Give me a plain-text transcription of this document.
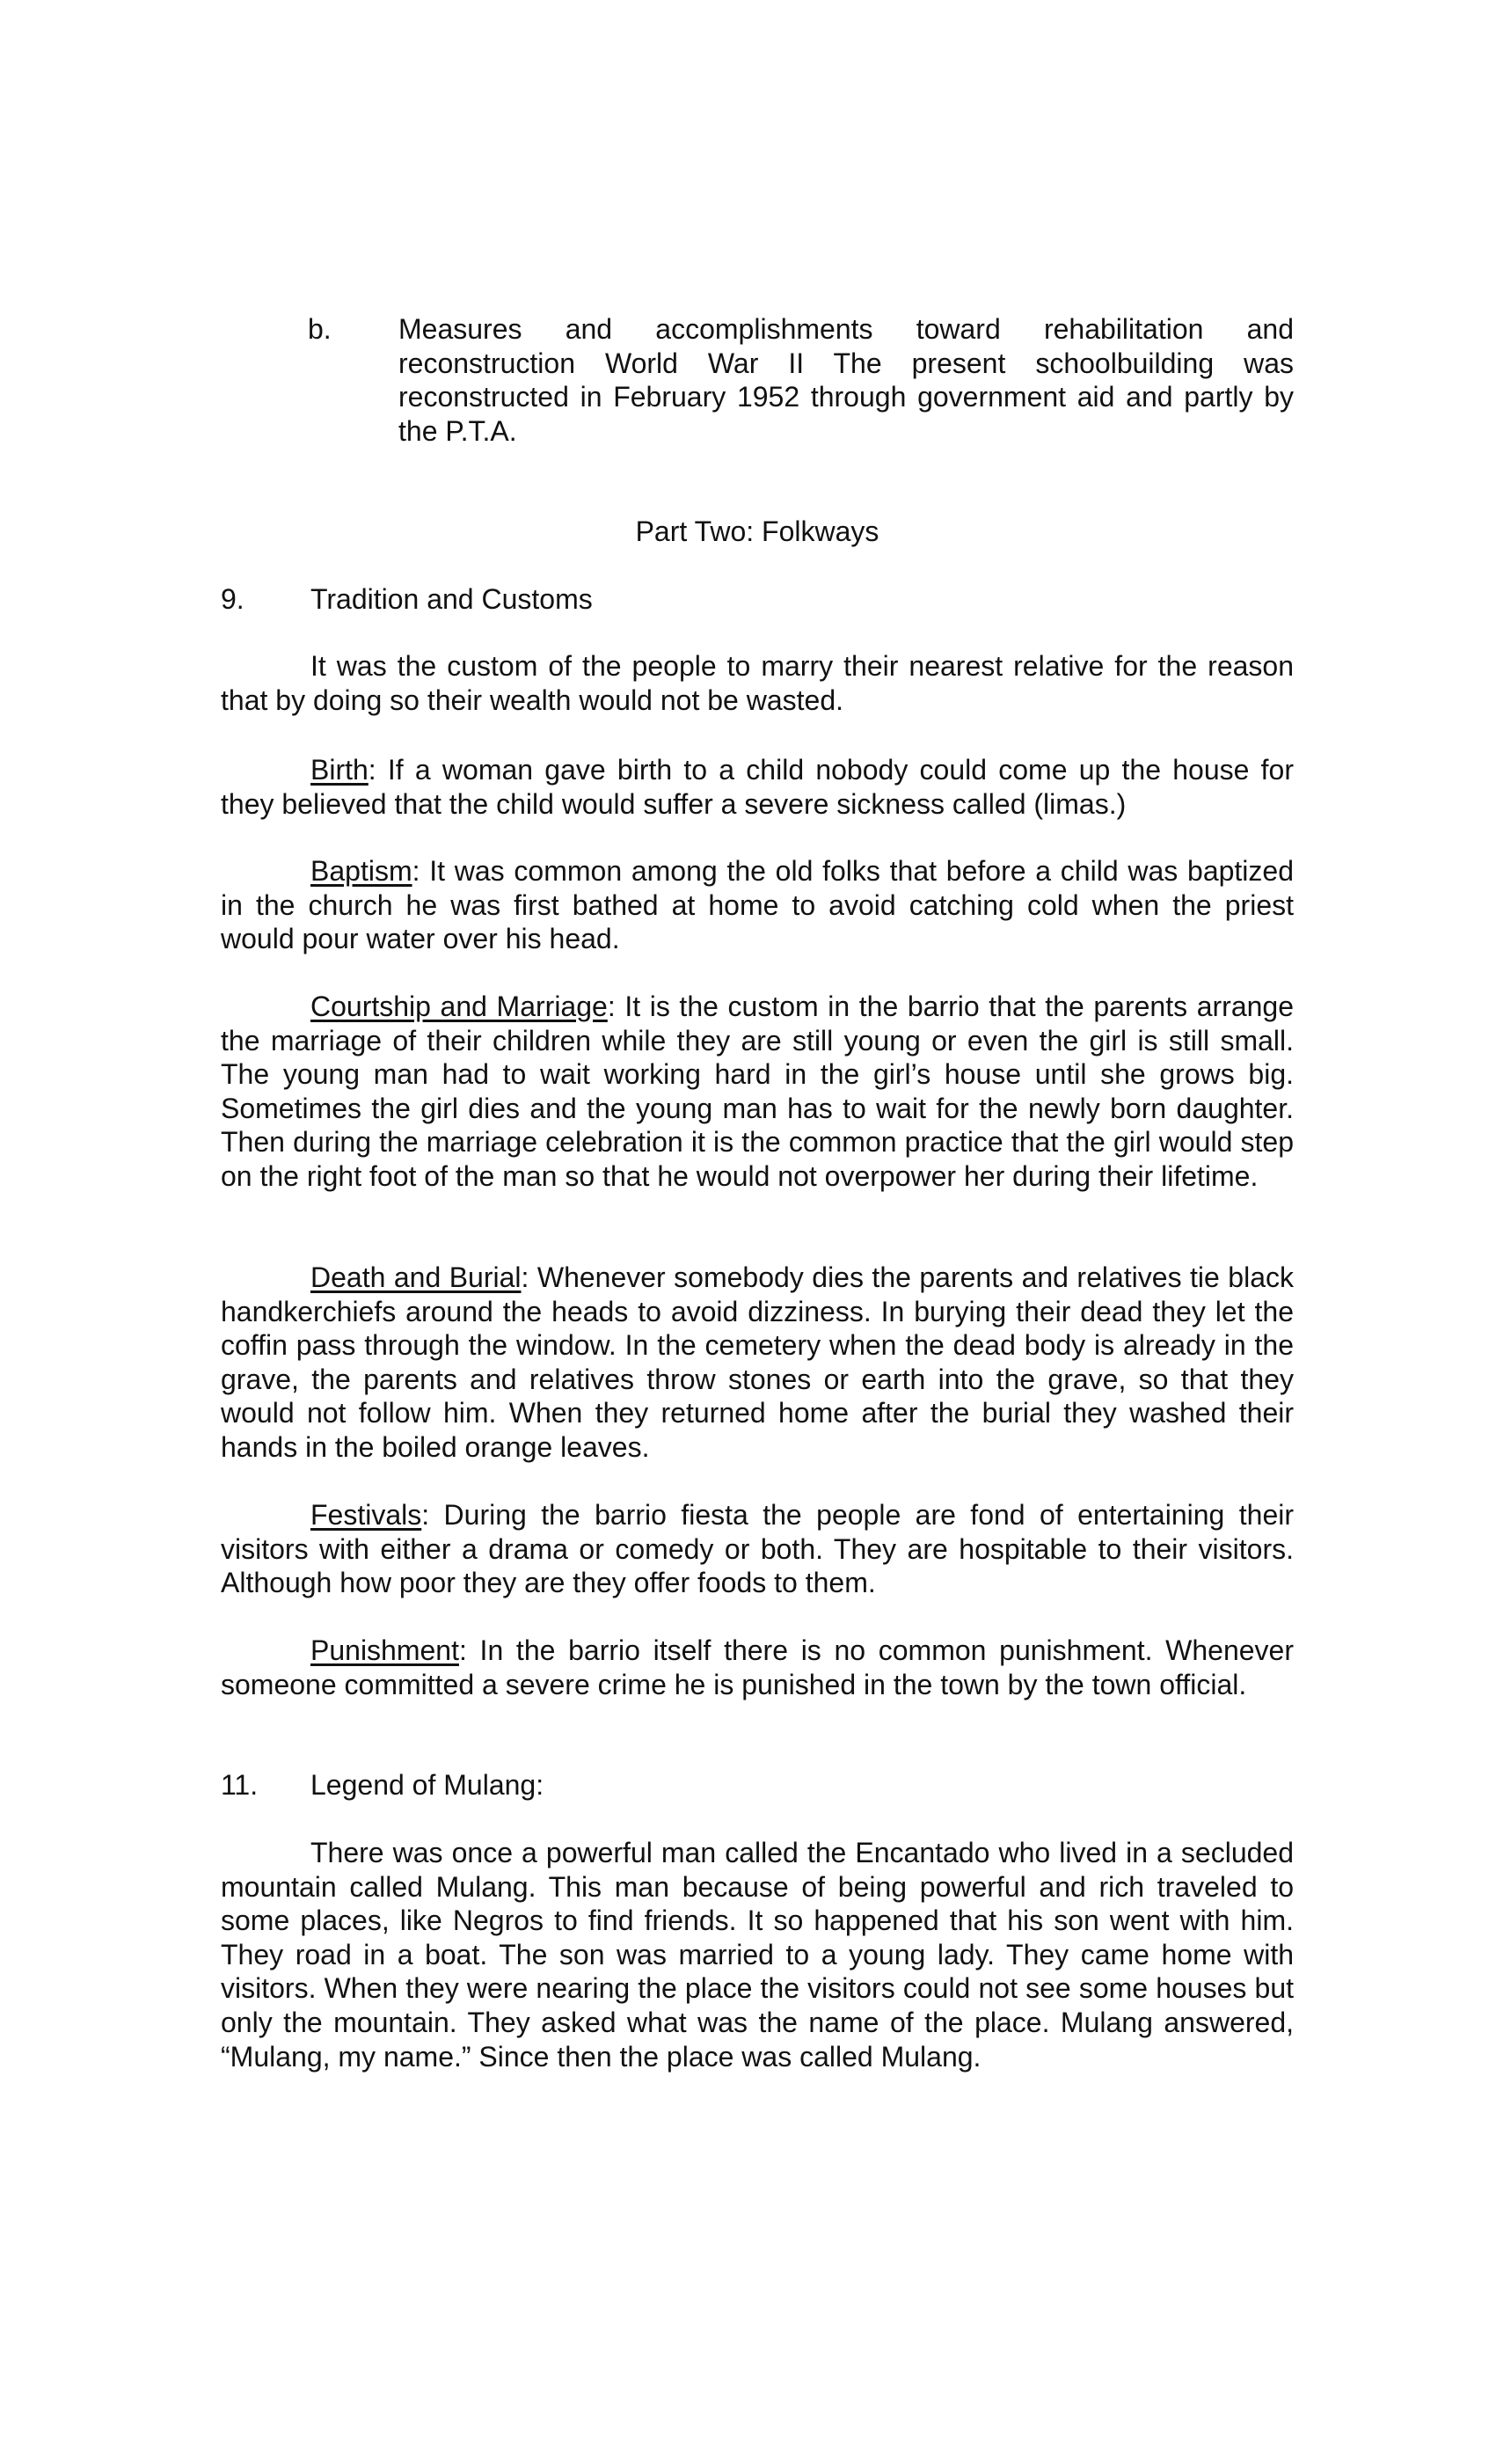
b. Measures and accomplishments toward rehabilitation and reconstruction World War II The present schoolbuilding was reconstructed in February 1952 through government aid and partly by the P.T.A.
Part Two: Folkways
9. Tradition and Customs

It was the custom of the people to marry their nearest relative for the reason that by doing so their wealth would not be wasted.

Birth: If a woman gave birth to a child nobody could come up the house for they believed that the child would suffer a severe sickness called (limas.)

Baptism: It was common among the old folks that before a child was baptized in the church he was first bathed at home to avoid catching cold when the priest would pour water over his head.

Courtship and Marriage: It is the custom in the barrio that the parents arrange the marriage of their children while they are still young or even the girl is still small. The young man had to wait working hard in the girl’s house until she grows big. Sometimes the girl dies and the young man has to wait for the newly born daughter. Then during the marriage celebration it is the common practice that the girl would step on the right foot of the man so that he would not overpower her during their lifetime.

Death and Burial: Whenever somebody dies the parents and relatives tie black handkerchiefs around the heads to avoid dizziness. In burying their dead they let the coffin pass through the window. In the cemetery when the dead body is already in the grave, the parents and relatives throw stones or earth into the grave, so that they would not follow him. When they returned home after the burial they washed their hands in the boiled orange leaves.

Festivals: During the barrio fiesta the people are fond of entertaining their visitors with either a drama or comedy or both. They are hospitable to their visitors. Although how poor they are they offer foods to them.

Punishment: In the barrio itself there is no common punishment. Whenever someone committed a severe crime he is punished in the town by the town official.

11. Legend of Mulang:

There was once a powerful man called the Encantado who lived in a secluded mountain called Mulang. This man because of being powerful and rich traveled to some places, like Negros to find friends. It so happened that his son went with him. They road in a boat. The son was married to a young lady. They came home with visitors. When they were nearing the place the visitors could not see some houses but only the mountain. They asked what was the name of the place. Mulang answered, “Mulang, my name.” Since then the place was called Mulang.
